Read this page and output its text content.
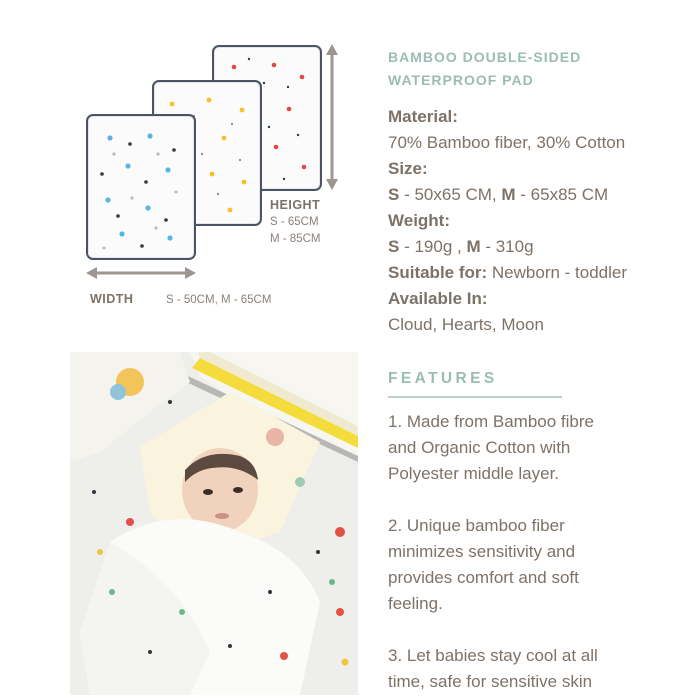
HEIGHT
S - 65CM
M - 85CM
WIDTH	S - 50CM, M - 65CM
BAMBOO DOUBLE-SIDED
WATERPROOF PAD
Material:
70% Bamboo fiber, 30% Cotton
Size:
S - 50x65 CM, M - 65x85 CM
Weight:
S - 190g , M - 310g
Suitable for: Newborn - toddler
Available In:
Cloud, Hearts, Moon
FEATURES
1. Made from Bamboo fibre
and Organic Cotton with
Polyester middle layer.
2. Unique bamboo fiber
minimizes sensitivity and
provides comfort and soft
feeling.
3. Let babies stay cool at all
time, safe for sensitive skin
